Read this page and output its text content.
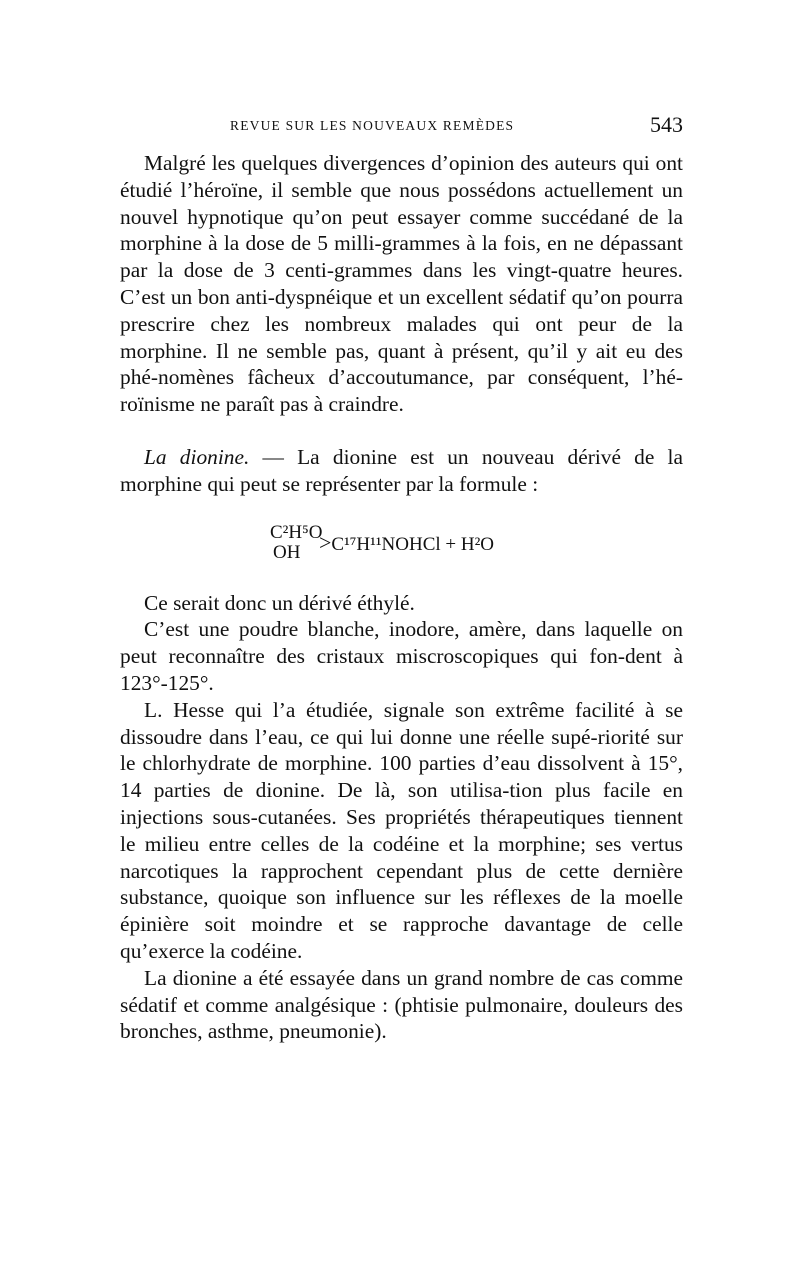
REVUE SUR LES NOUVEAUX REMÈDES	543

Malgré les quelques divergences d’opinion des auteurs qui ont étudié l’héroïne, il semble que nous possédons actuellement un nouvel hypnotique qu’on peut essayer comme succédané de la morphine à la dose de 5 milli-grammes à la fois, en ne dépassant par la dose de 3 centi-grammes dans les vingt-quatre heures. C’est un bon anti-dyspnéique et un excellent sédatif qu’on pourra prescrire chez les nombreux malades qui ont peur de la morphine. Il ne semble pas, quant à présent, qu’il y ait eu des phé-nomènes fâcheux d’accoutumance, par conséquent, l’hé-roïnisme ne paraît pas à craindre.

La dionine. — La dionine est un nouveau dérivé de la morphine qui peut se représenter par la formule :

C²H⁵O
OH >C¹⁷H¹¹NOHCl + H²O

Ce serait donc un dérivé éthylé.

C’est une poudre blanche, inodore, amère, dans laquelle on peut reconnaître des cristaux miscroscopiques qui fon-dent à 123°-125°.

L. Hesse qui l’a étudiée, signale son extrême facilité à se dissoudre dans l’eau, ce qui lui donne une réelle supé-riorité sur le chlorhydrate de morphine. 100 parties d’eau dissolvent à 15°, 14 parties de dionine. De là, son utilisa-tion plus facile en injections sous-cutanées. Ses propriétés thérapeutiques tiennent le milieu entre celles de la codéine et la morphine; ses vertus narcotiques la rapprochent cependant plus de cette dernière substance, quoique son influence sur les réflexes de la moelle épinière soit moindre et se rapproche davantage de celle qu’exerce la codéine.

La dionine a été essayée dans un grand nombre de cas comme sédatif et comme analgésique : (phtisie pulmonaire, douleurs des bronches, asthme, pneumonie).
